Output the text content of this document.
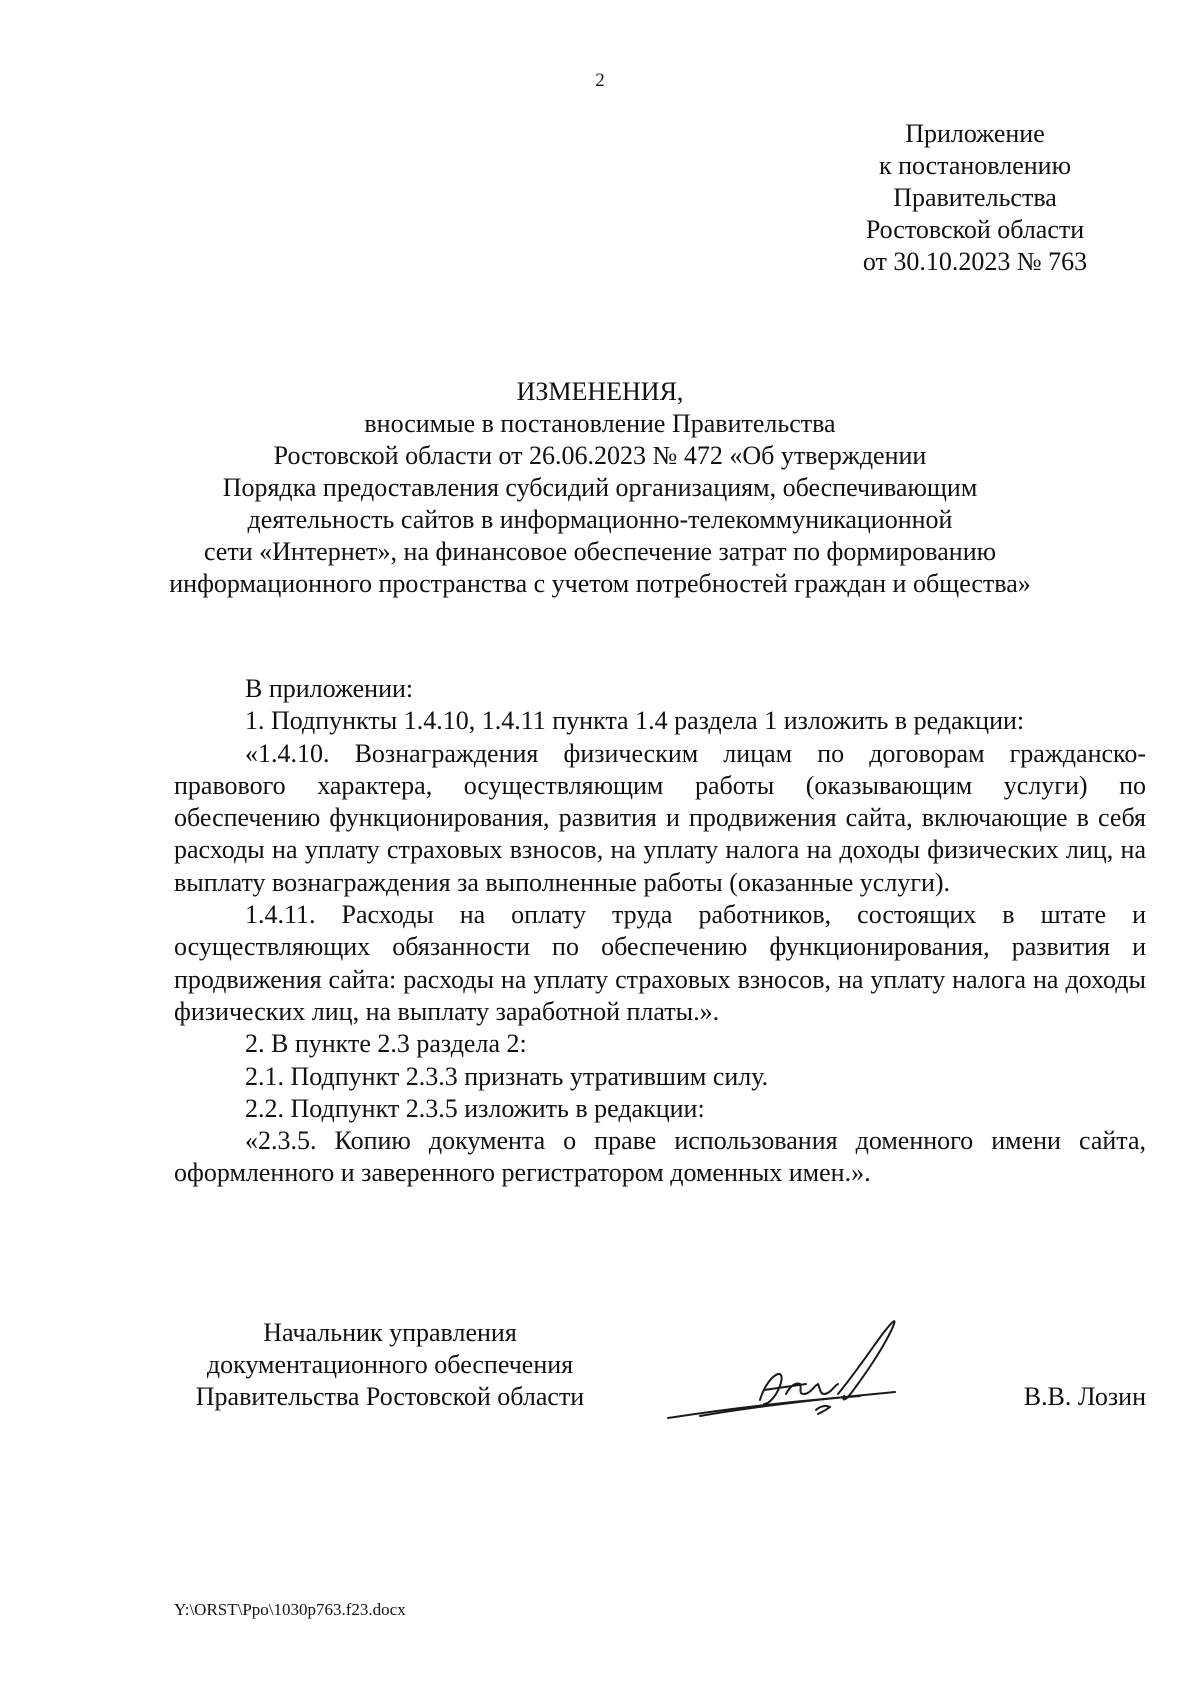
2
Приложение
к постановлению
Правительства
Ростовской области
от 30.10.2023 № 763
ИЗМЕНЕНИЯ,
вносимые в постановление Правительства
Ростовской области от 26.06.2023 № 472 «Об утверждении
Порядка предоставления субсидий организациям, обеспечивающим
деятельность сайтов в информационно-телекоммуникационной
сети «Интернет», на финансовое обеспечение затрат по формированию
информационного пространства с учетом потребностей граждан и общества»

В приложении:

1. Подпункты 1.4.10, 1.4.11 пункта 1.4 раздела 1 изложить в редакции:

«1.4.10. Вознаграждения физическим лицам по договорам гражданско-правового характера, осуществляющим работы (оказывающим услуги) по обеспечению функционирования, развития и продвижения сайта, включающие в себя расходы на уплату страховых взносов, на уплату налога на доходы физических лиц, на выплату вознаграждения за выполненные работы (оказанные услуги).

1.4.11. Расходы на оплату труда работников, состоящих в штате и осуществляющих обязанности по обеспечению функционирования, развития и продвижения сайта: расходы на уплату страховых взносов, на уплату налога на доходы физических лиц, на выплату заработной платы.».

2. В пункте 2.3 раздела 2:

2.1. Подпункт 2.3.3 признать утратившим силу.

2.2. Подпункт 2.3.5 изложить в редакции:

«2.3.5. Копию документа о праве использования доменного имени сайта, оформленного и заверенного регистратором доменных имен.».

Начальник управления
документационного обеспечения
Правительства Ростовской области	В.В. Лозин
Y:\ORST\Ppo\1030p763.f23.docx
